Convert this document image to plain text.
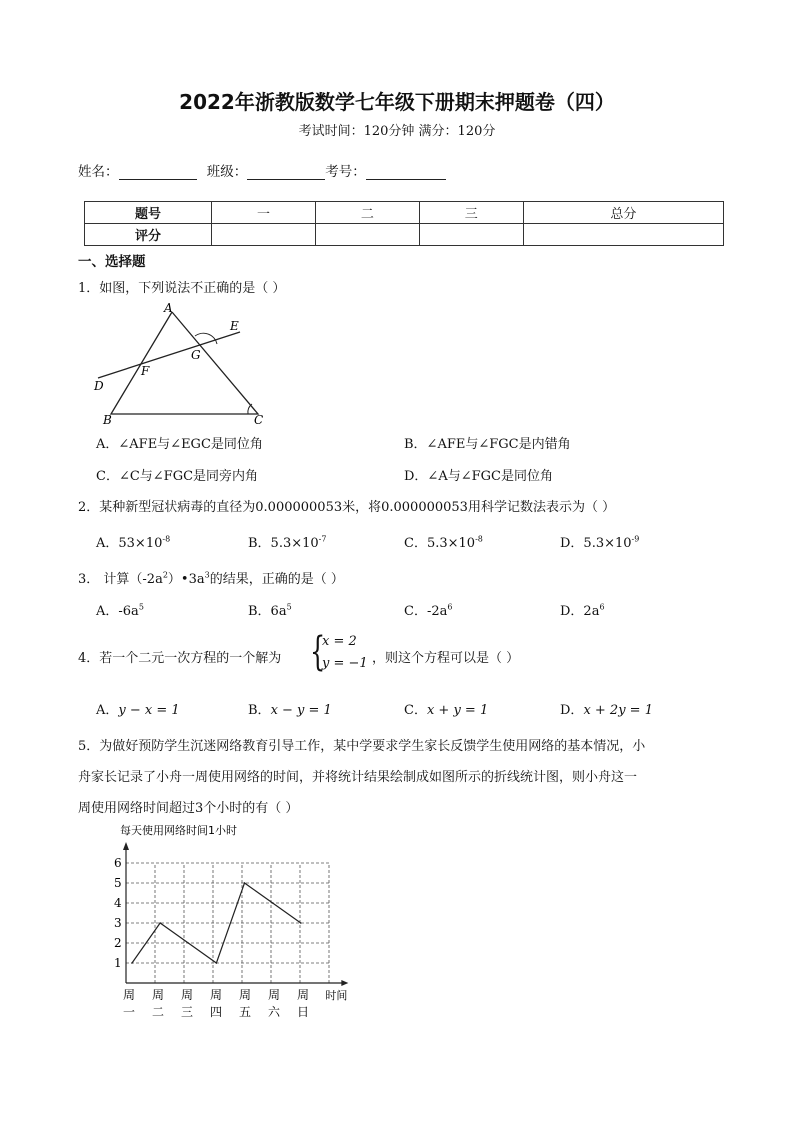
2022年浙教版数学七年级下册期末押题卷（四）
考试时间：120分钟 满分：120分
姓名：	班级：	考号：
题号	一	二	三	总分
评分				
一、选择题
1．如图，下列说法不正确的是（ ）
A
B	C
D
E
F
G
A．∠AFE与∠EGC是同位角	B．∠AFE与∠FGC是内错角
C．∠C与∠FGC是同旁内角	D．∠A与∠FGC是同位角
2．某种新型冠状病毒的直径为0.000000053米，将0.000000053用科学记数法表示为（ ）
A．$53\times 10^{-8}$	B．$5.3\times 10^{-7}$	C．$5.3\times 10^{-8}$	D．$5.3\times 10^{-9}$
3． 计算$(-2a^2)•3a^3$的结果，正确的是（ ）
A．$-6a^5$	B．$6a^5$	C．$-2a^6$	D．$2a^6$
4．若一个二元一次方程的一个解为 {
x = 2
y = −1 ，则这个方程可以是（ ）
A．y − x = 1	B．x − y = 1	C．x + y = 1	D．x + 2y = 1
5．为做好预防学生沉迷网络教育引导工作，某中学要求学生家长反馈学生使用网络的基本情况，小
舟家长记录了小舟一周使用网络的时间，并将统计结果绘制成如图所示的折线统计图，则小舟这一
周使用网络时间超过3个小时的有（ ）
每天使用网络时间1小时
1
2
3
4
5
6
周
一
周
二
周
三
周
四
周
五
周
六
周
日
时间
